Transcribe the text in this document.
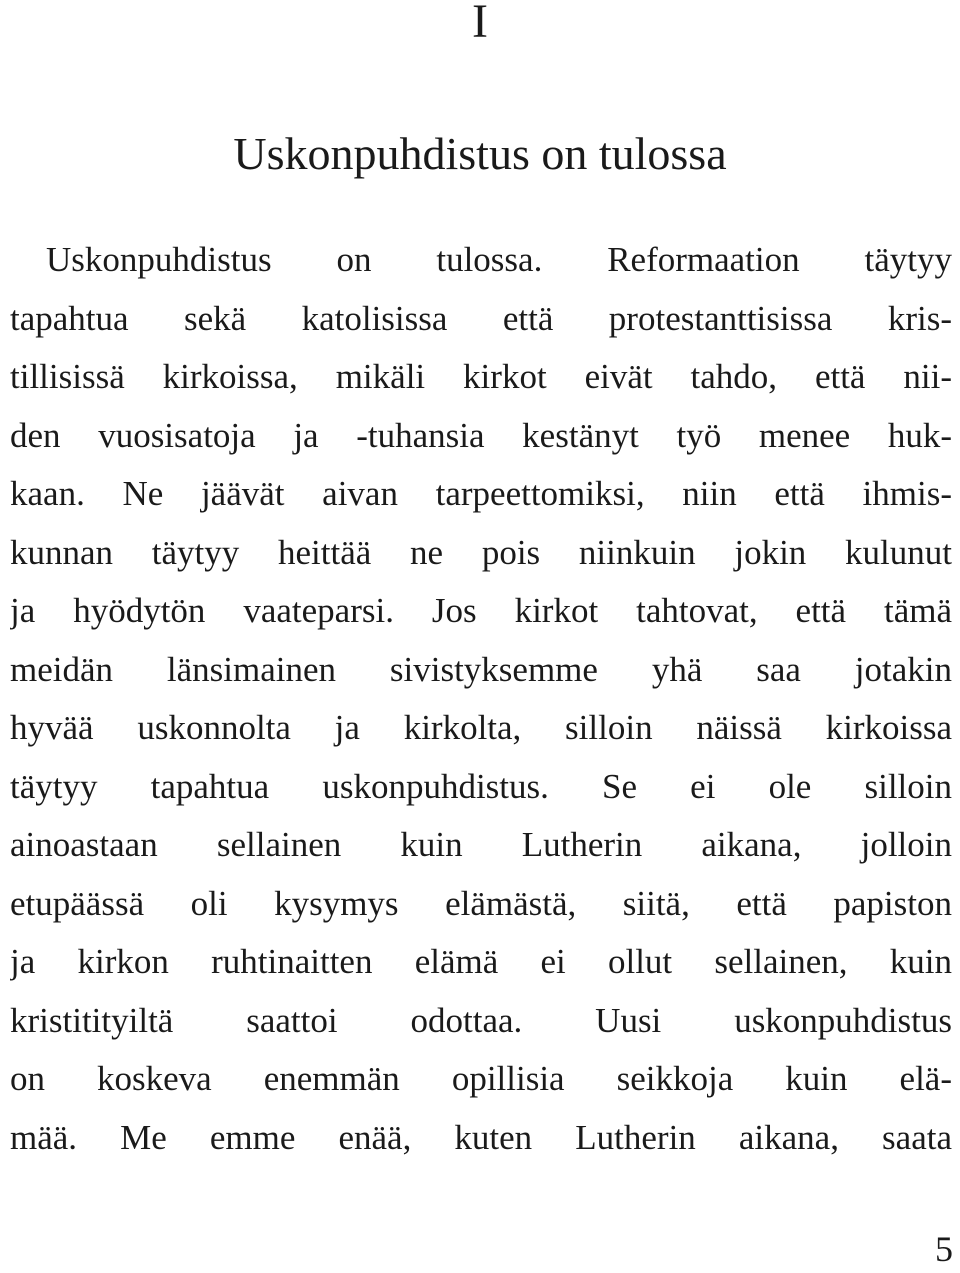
I
Uskonpuhdistus on tulossa
Uskonpuhdistus on tulossa. Reformaation täytyy
tapahtua sekä katolisissa että protestanttisissa kris-
tillisissä kirkoissa, mikäli kirkot eivät tahdo, että nii-
den vuosisatoja ja -tuhansia kestänyt työ menee huk-
kaan. Ne jäävät aivan tarpeettomiksi, niin että ihmis-
kunnan täytyy heittää ne pois niinkuin jokin kulunut
ja hyödytön vaateparsi. Jos kirkot tahtovat, että tämä
meidän länsimainen sivistyksemme yhä saa jotakin
hyvää uskonnolta ja kirkolta, silloin näissä kirkoissa
täytyy tapahtua uskonpuhdistus. Se ei ole silloin
ainoastaan sellainen kuin Lutherin aikana, jolloin
etupäässä oli kysymys elämästä, siitä, että papiston
ja kirkon ruhtinaitten elämä ei ollut sellainen, kuin
kristitityiltä saattoi odottaa. Uusi uskonpuhdistus
on koskeva enemmän opillisia seikkoja kuin elä-
mää. Me emme enää, kuten Lutherin aikana, saata
5
